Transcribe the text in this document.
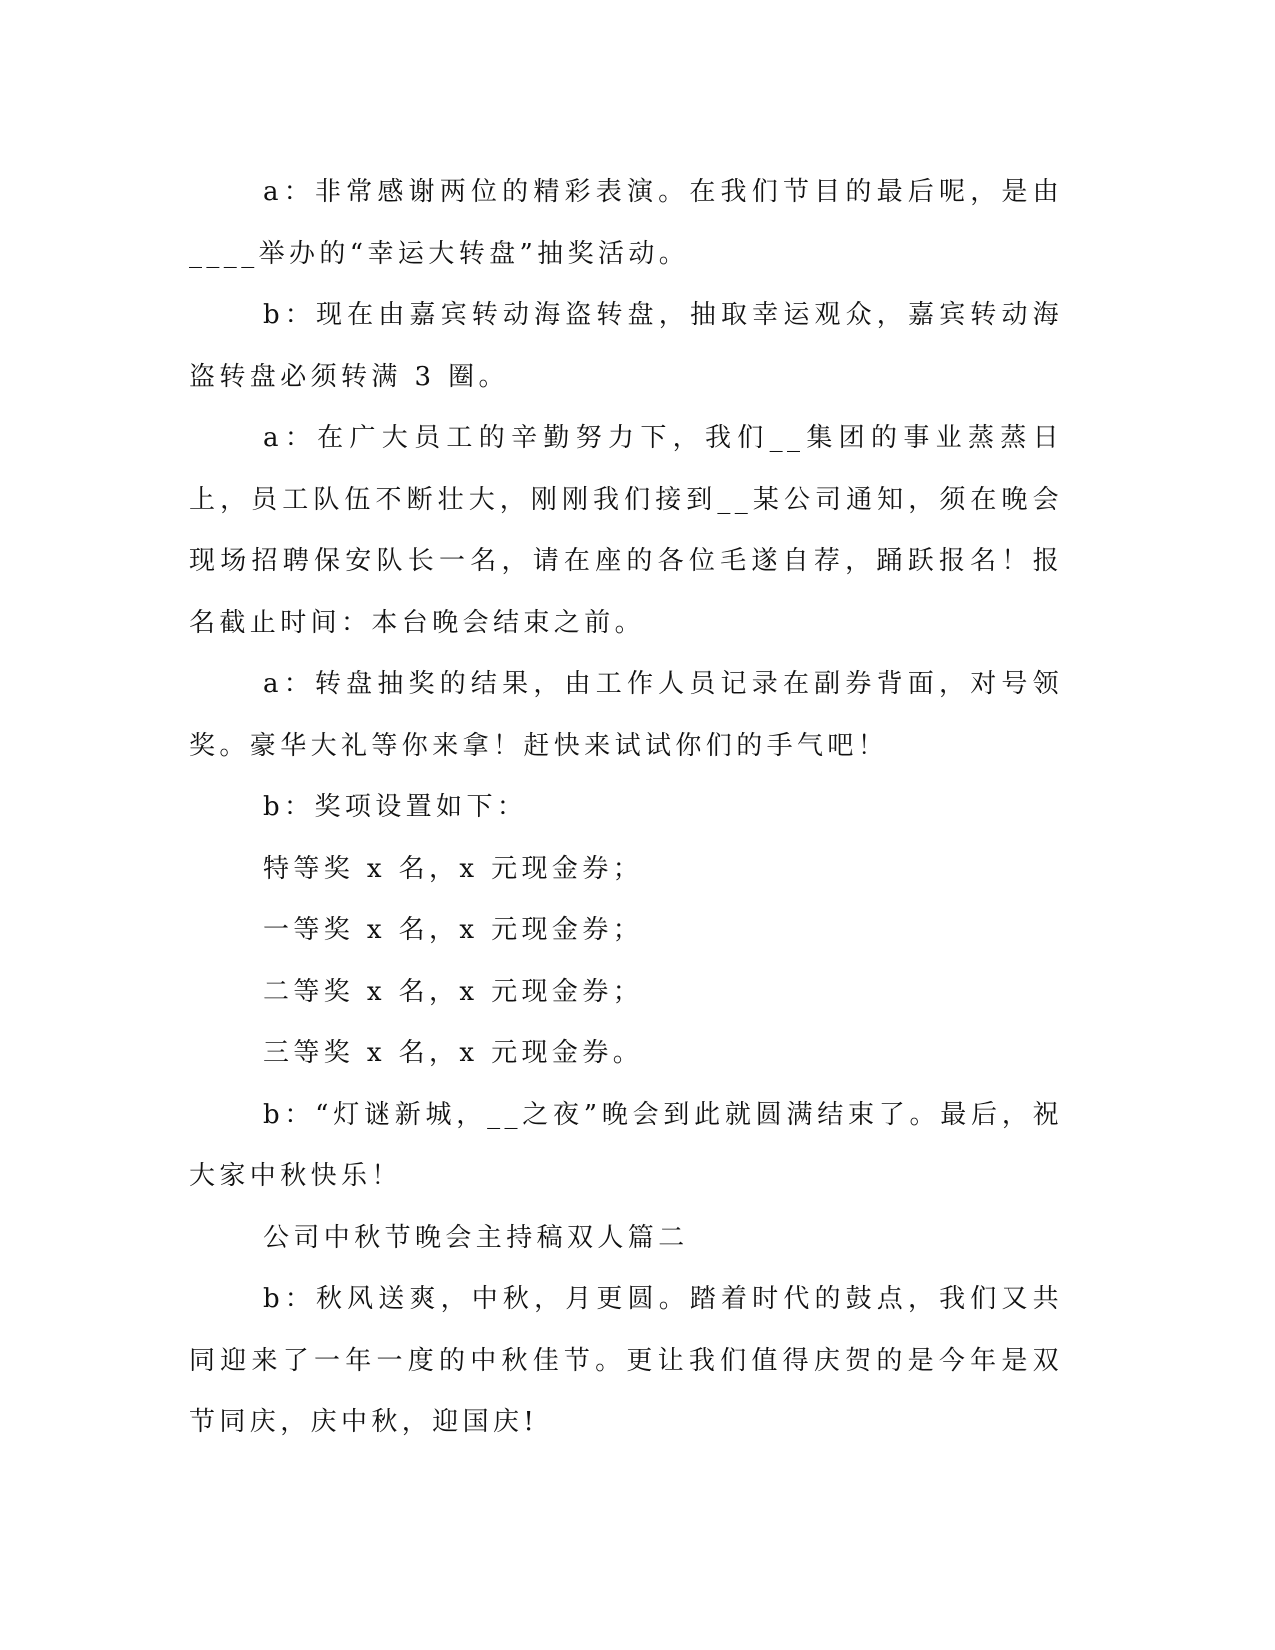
a：非常感谢两位的精彩表演。在我们节目的最后呢，是由____举办的“幸运大转盘”抽奖活动。

b：现在由嘉宾转动海盗转盘，抽取幸运观众，嘉宾转动海盗转盘必须转满 3 圈。

a：在广大员工的辛勤努力下，我们__集团的事业蒸蒸日上，员工队伍不断壮大，刚刚我们接到__某公司通知，须在晚会现场招聘保安队长一名，请在座的各位毛遂自荐，踊跃报名！报名截止时间：本台晚会结束之前。

a：转盘抽奖的结果，由工作人员记录在副券背面，对号领奖。豪华大礼等你来拿！赶快来试试你们的手气吧！

b：奖项设置如下：

特等奖 x 名，x 元现金券；

一等奖 x 名，x 元现金券；

二等奖 x 名，x 元现金券；

三等奖 x 名，x 元现金券。

b：“灯谜新城，__之夜”晚会到此就圆满结束了。最后，祝大家中秋快乐！

公司中秋节晚会主持稿双人篇二

b：秋风送爽，中秋，月更圆。踏着时代的鼓点，我们又共同迎来了一年一度的中秋佳节。更让我们值得庆贺的是今年是双节同庆，庆中秋，迎国庆!
